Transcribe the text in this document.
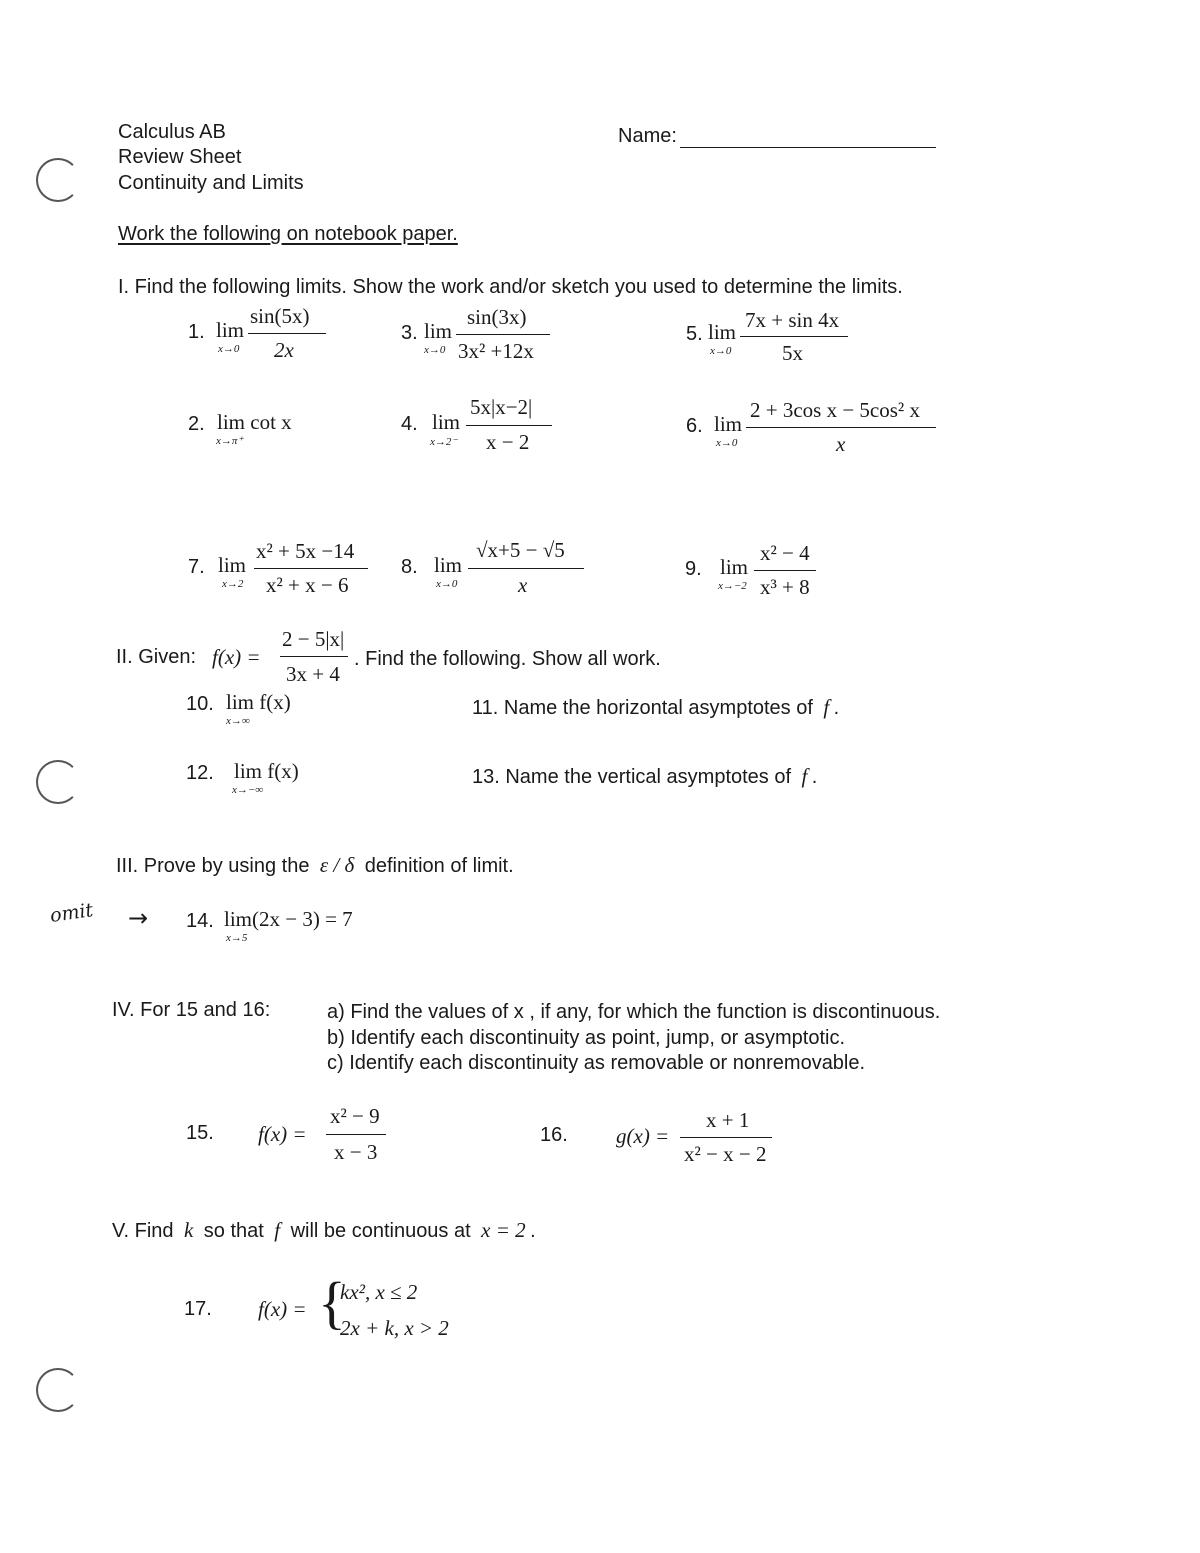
Calculus AB
Review Sheet
Continuity and Limits
Name:
Work the following on notebook paper.
I. Find the following limits. Show the work and/or sketch you used to determine the limits.
1. lim
x→0
sin(5x)
2x
2. lim cot x
x→π⁺
3. lim
x→0
sin(3x)
3x² +12x
4. lim
x→2⁻
5x|x−2|
x − 2
5. lim
x→0
7x + sin 4x
5x
6. lim
x→0
2 + 3cos x − 5cos² x
x
7. lim
x→2
x² + 5x −14
x² + x − 6
8. lim
x→0
√x+5 − √5
x
9. lim
x→−2
x² − 4
x³ + 8
II. Given: f(x) =
2 − 5|x|
3x + 4
. Find the following. Show all work.
10. lim f(x)
x→∞
11. Name the horizontal asymptotes of f .
12. lim f(x)
x→−∞
13. Name the vertical asymptotes of f .
III. Prove by using the ε / δ definition of limit.
omit → 14. lim(2x − 3) = 7
x→5
IV. For 15 and 16:	a) Find the values of x , if any, for which the function is discontinuous.
b) Identify each discontinuity as point, jump, or asymptotic.
c) Identify each discontinuity as removable or nonremovable.
15. f(x) =
x² − 9
x − 3
16. g(x) =
x + 1
x² − x − 2
V. Find k so that f will be continuous at x = 2 .
17. f(x) = {
kx², x ≤ 2
2x + k, x > 2
